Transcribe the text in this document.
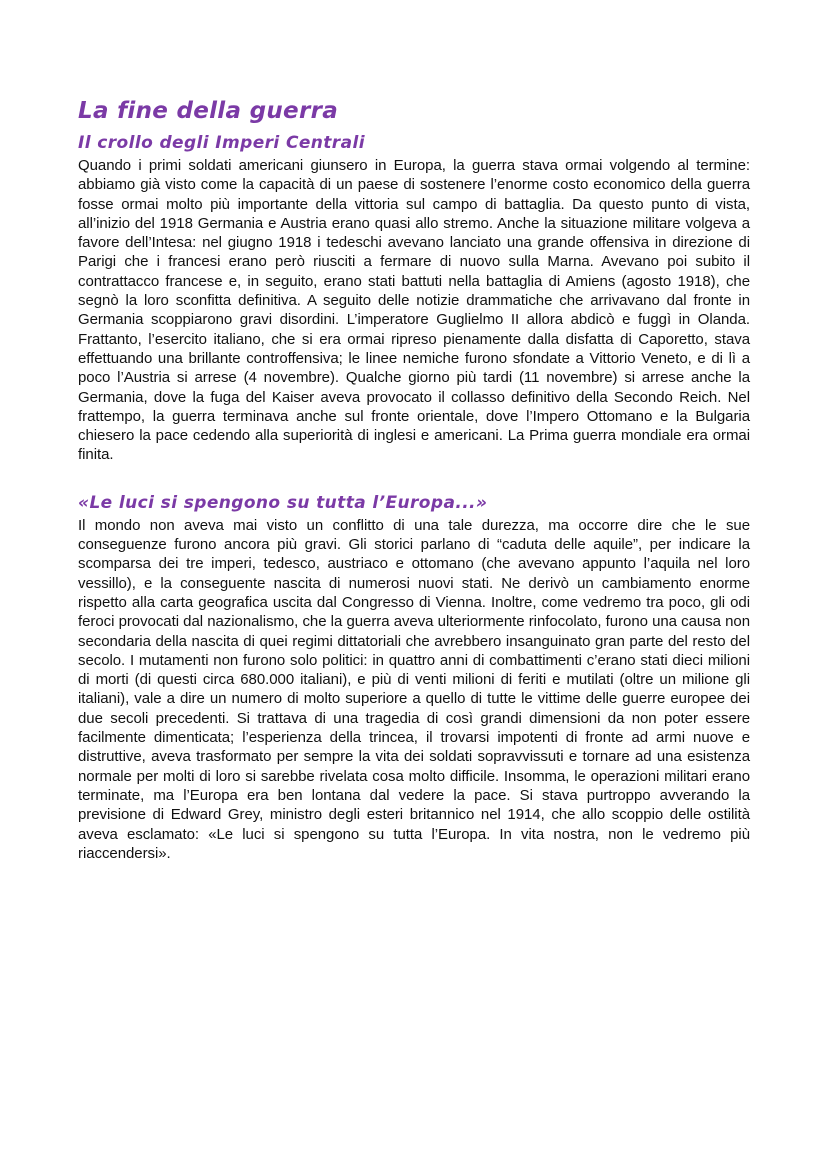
La fine della guerra
Il crollo degli Imperi Centrali

Quando i primi soldati americani giunsero in Europa, la guerra stava ormai volgendo al termine: abbiamo già visto come la capacità di un paese di sostenere l’enorme costo economico della guerra fosse ormai molto più importante della vittoria sul campo di battaglia. Da questo punto di vista, all’inizio del 1918 Germania e Austria erano quasi allo stremo. Anche la situazione militare volgeva a favore dell’Intesa: nel giugno 1918 i tedeschi avevano lanciato una grande offensiva in direzione di Parigi che i francesi erano però riusciti a fermare di nuovo sulla Marna. Avevano poi subito il contrattacco francese e, in seguito, erano stati battuti nella battaglia di Amiens (agosto 1918), che segnò la loro sconfitta definitiva. A seguito delle notizie drammatiche che arrivavano dal fronte in Germania scoppiarono gravi disordini. L’imperatore Guglielmo II allora abdicò e fuggì in Olanda. Frattanto, l’esercito italiano, che si era ormai ripreso pienamente dalla disfatta di Caporetto, stava effettuando una brillante controffensiva; le linee nemiche furono sfondate a Vittorio Veneto, e di lì a poco l’Austria si arrese (4 novembre). Qualche giorno più tardi (11 novembre) si arrese anche la Germania, dove la fuga del Kaiser aveva provocato il collasso definitivo della Secondo Reich. Nel frattempo, la guerra terminava anche sul fronte orientale, dove l’Impero Ottomano e la Bulgaria chiesero la pace cedendo alla superiorità di inglesi e americani. La Prima guerra mondiale era ormai finita.

«Le luci si spengono su tutta l’Europa...»

Il mondo non aveva mai visto un conflitto di una tale durezza, ma occorre dire che le sue conseguenze furono ancora più gravi. Gli storici parlano di “caduta delle aquile”, per indicare la scomparsa dei tre imperi, tedesco, austriaco e ottomano (che avevano appunto l’aquila nel loro vessillo), e la conseguente nascita di numerosi nuovi stati. Ne derivò un cambiamento enorme rispetto alla carta geografica uscita dal Congresso di Vienna. Inoltre, come vedremo tra poco, gli odi feroci provocati dal nazionalismo, che la guerra aveva ulteriormente rinfocolato, furono una causa non secondaria della nascita di quei regimi dittatoriali che avrebbero insanguinato gran parte del resto del secolo. I mutamenti non furono solo politici: in quattro anni di combattimenti c’erano stati dieci milioni di morti (di questi circa 680.000 italiani), e più di venti milioni di feriti e mutilati (oltre un milione gli italiani), vale a dire un numero di molto superiore a quello di tutte le vittime delle guerre europee dei due secoli precedenti. Si trattava di una tragedia di così grandi dimensioni da non poter essere facilmente dimenticata; l’esperienza della trincea, il trovarsi impotenti di fronte ad armi nuove e distruttive, aveva trasformato per sempre la vita dei soldati sopravvissuti e tornare ad una esistenza normale per molti di loro si sarebbe rivelata cosa molto difficile. Insomma, le operazioni militari erano terminate, ma l’Europa era ben lontana dal vedere la pace. Si stava purtroppo avverando la previsione di Edward Grey, ministro degli esteri britannico nel 1914, che allo scoppio delle ostilità aveva esclamato: «Le luci si spengono su tutta l’Europa. In vita nostra, non le vedremo più riaccendersi».
